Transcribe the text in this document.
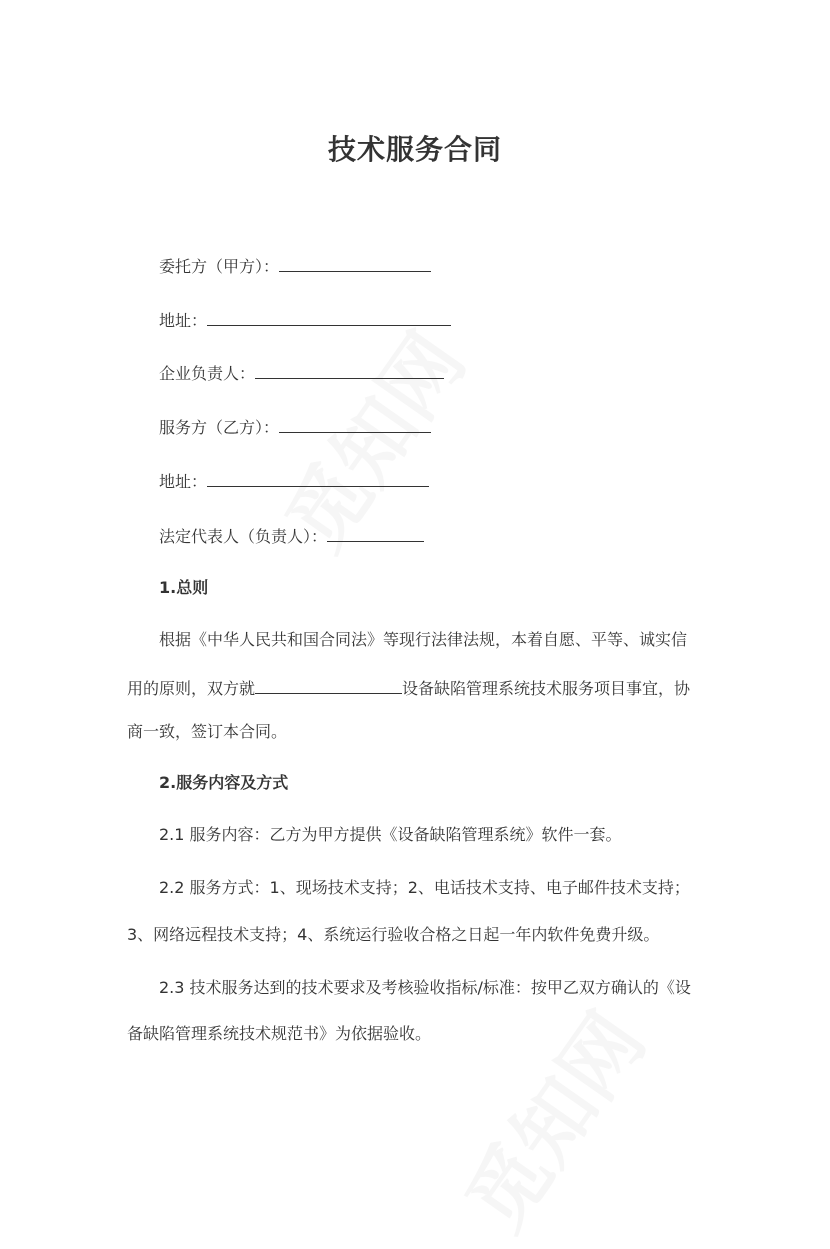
技术服务合同
委托方（甲方）：
地址：
企业负责人：
服务方（乙方）：
地址：
法定代表人（负责人）：
1.总则
根据《中华人民共和国合同法》等现行法律法规，本着自愿、平等、诚实信
用的原则，双方就	设备缺陷管理系统技术服务项目事宜，协
商一致，签订本合同。
2.服务内容及方式
2.1 服务内容：乙方为甲方提供《设备缺陷管理系统》软件一套。
2.2 服务方式：1、现场技术支持；2、电话技术支持、电子邮件技术支持；
3、网络远程技术支持；4、系统运行验收合格之日起一年内软件免费升级。
2.3 技术服务达到的技术要求及考核验收指标/标准：按甲乙双方确认的《设
备缺陷管理系统技术规范书》为依据验收。
